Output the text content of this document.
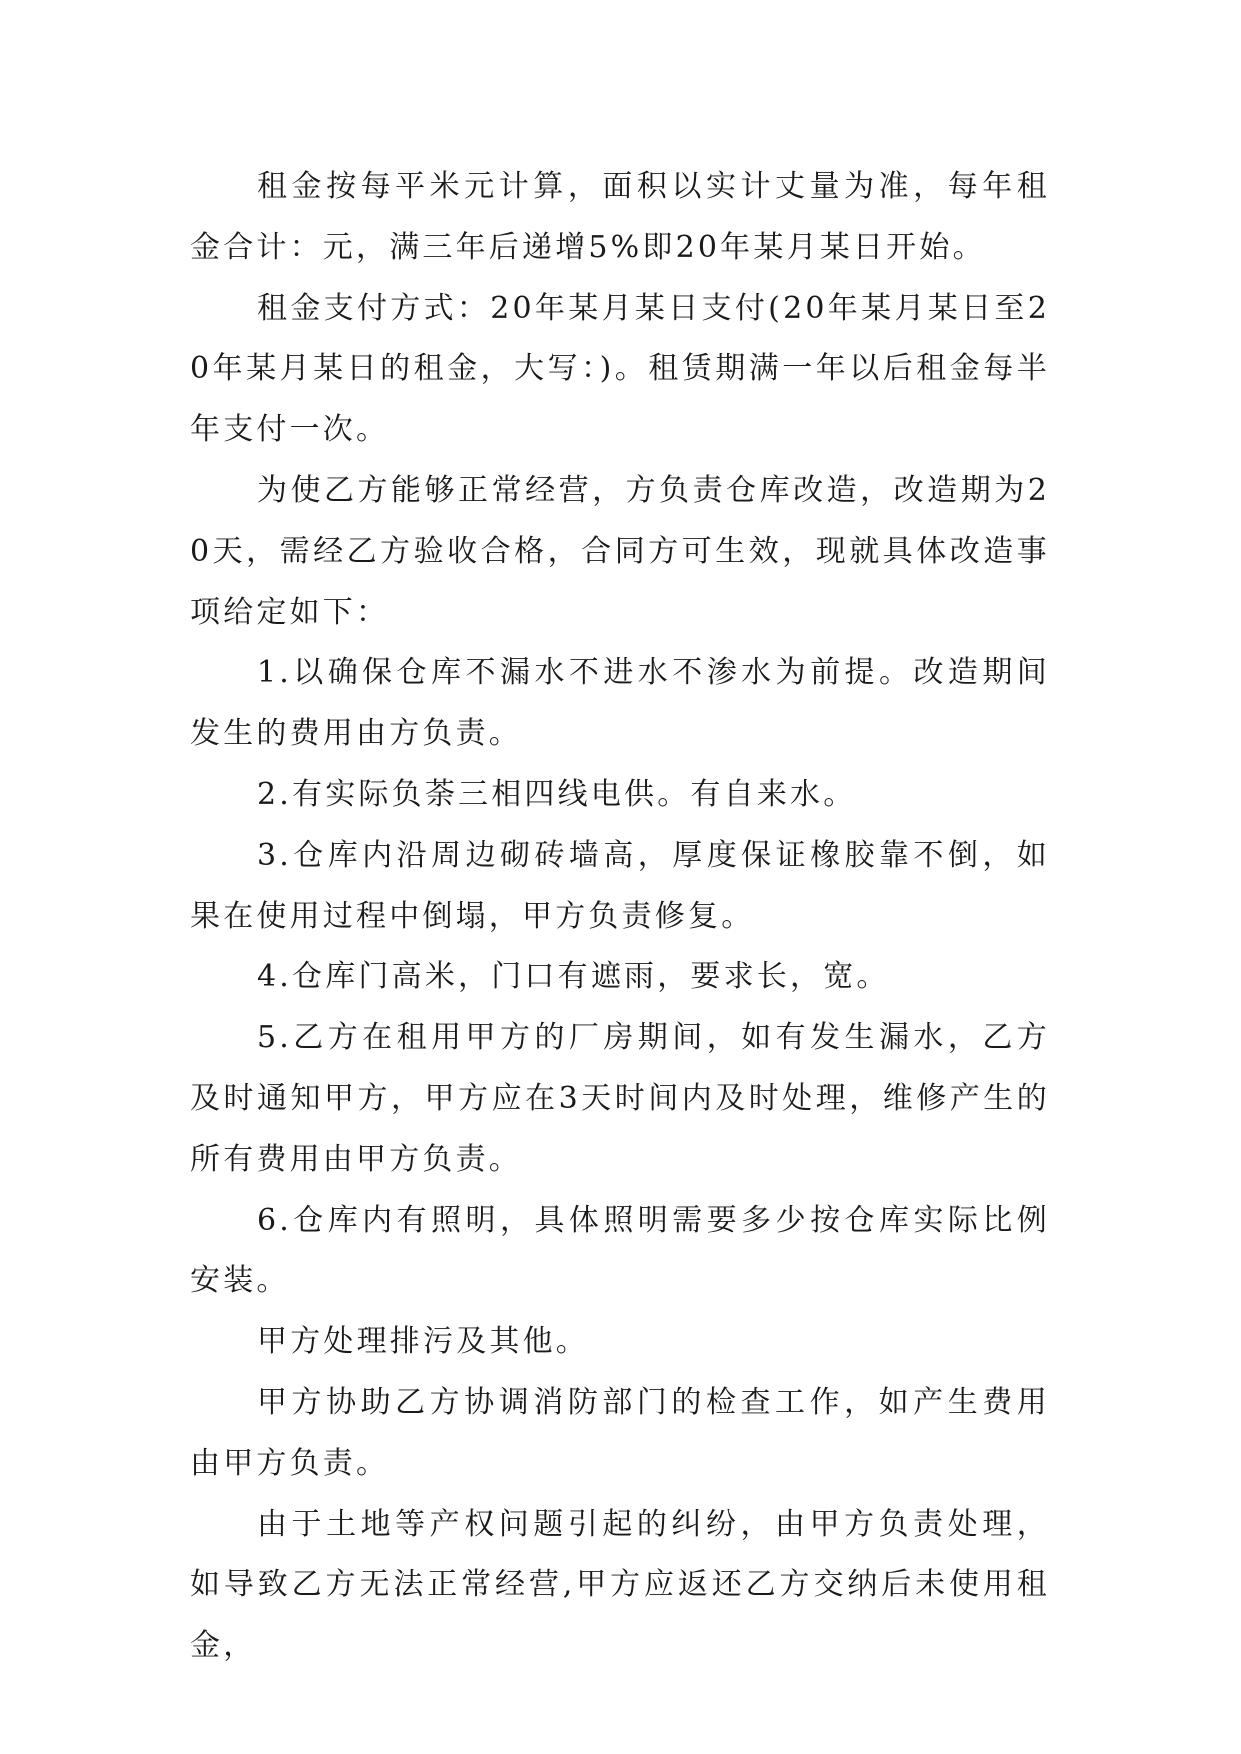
租金按每平米元计算，面积以实计丈量为准，每年租金合计：元，满三年后递增5%即20年某月某日开始。

租金支付方式：20年某月某日支付(20年某月某日至20年某月某日的租金，大写：)。租赁期满一年以后租金每半年支付一次。

为使乙方能够正常经营，方负责仓库改造，改造期为20天，需经乙方验收合格，合同方可生效，现就具体改造事项给定如下：

1.以确保仓库不漏水不进水不渗水为前提。改造期间发生的费用由方负责。

2.有实际负荼三相四线电供。有自来水。

3.仓库内沿周边砌砖墙高，厚度保证橡胶靠不倒，如果在使用过程中倒塌，甲方负责修复。

4.仓库门高米，门口有遮雨，要求长，宽。

5.乙方在租用甲方的厂房期间，如有发生漏水，乙方及时通知甲方，甲方应在3天时间内及时处理，维修产生的所有费用由甲方负责。

6.仓库内有照明，具体照明需要多少按仓库实际比例安装。

甲方处理排污及其他。

甲方协助乙方协调消防部门的检查工作，如产生费用由甲方负责。

由于土地等产权问题引起的纠纷，由甲方负责处理，如导致乙方无法正常经营,甲方应返还乙方交纳后未使用租金，
